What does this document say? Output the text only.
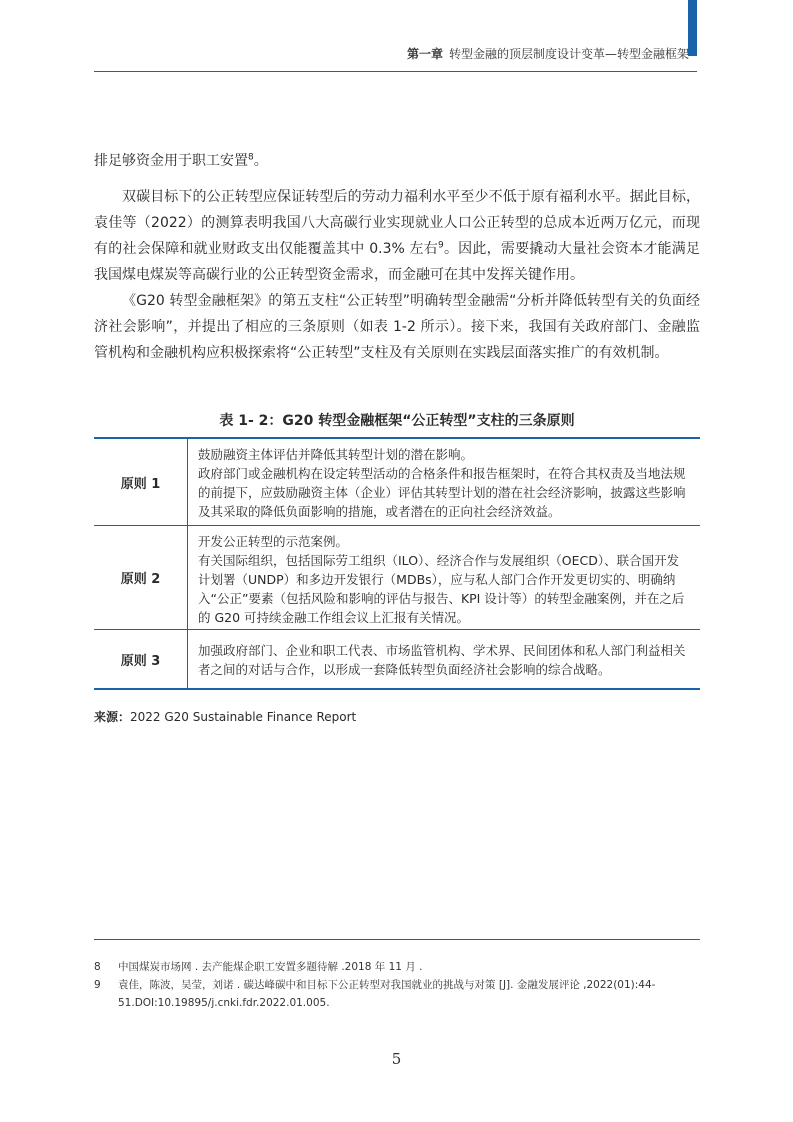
第一章 转型金融的顶层制度设计变革—转型金融框架

排足够资金用于职工安置$^8$。

双碳目标下的公正转型应保证转型后的劳动力福利水平至少不低于原有福利水平。据此目标，袁佳等（2022）的测算表明我国八大高碳行业实现就业人口公正转型的总成本近两万亿元，而现有的社会保障和就业财政支出仅能覆盖其中 0.3% 左右$^9$。因此，需要撬动大量社会资本才能满足我国煤电煤炭等高碳行业的公正转型资金需求，而金融可在其中发挥关键作用。

《G20 转型金融框架》的第五支柱“公正转型”明确转型金融需“分析并降低转型有关的负面经济社会影响”，并提出了相应的三条原则（如表 1-2 所示）。接下来，我国有关政府部门、金融监管机构和金融机构应积极探索将“公正转型”支柱及有关原则在实践层面落实推广的有效机制。

表 1- 2：G20 转型金融框架“公正转型”支柱的三条原则
原则 1

鼓励融资主体评估并降低其转型计划的潜在影响。

政府部门或金融机构在设定转型活动的合格条件和报告框架时，在符合其权责及当地法规的前提下，应鼓励融资主体（企业）评估其转型计划的潜在社会经济影响，披露这些影响及其采取的降低负面影响的措施，或者潜在的正向社会经济效益。

原则 2

开发公正转型的示范案例。

有关国际组织，包括国际劳工组织（ILO）、经济合作与发展组织（OECD）、联合国开发计划署（UNDP）和多边开发银行（MDBs），应与私人部门合作开发更切实的、明确纳入“公正”要素（包括风险和影响的评估与报告、KPI 设计等）的转型金融案例，并在之后的 G20 可持续金融工作组会议上汇报有关情况。

原则 3

加强政府部门、企业和职工代表、市场监管机构、学术界、民间团体和私人部门利益相关者之间的对话与合作，以形成一套降低转型负面经济社会影响的综合战略。

来源：2022 G20 Sustainable Finance Report
8 中国煤炭市场网 . 去产能煤企职工安置多题待解 .2018 年 11 月 .
9 袁佳，陈波，吴莹，刘诺 . 碳达峰碳中和目标下公正转型对我国就业的挑战与对策 [J]. 金融发展评论 ,2022(01):44-
51.DOI:10.19895/j.cnki.fdr.2022.01.005.
5
